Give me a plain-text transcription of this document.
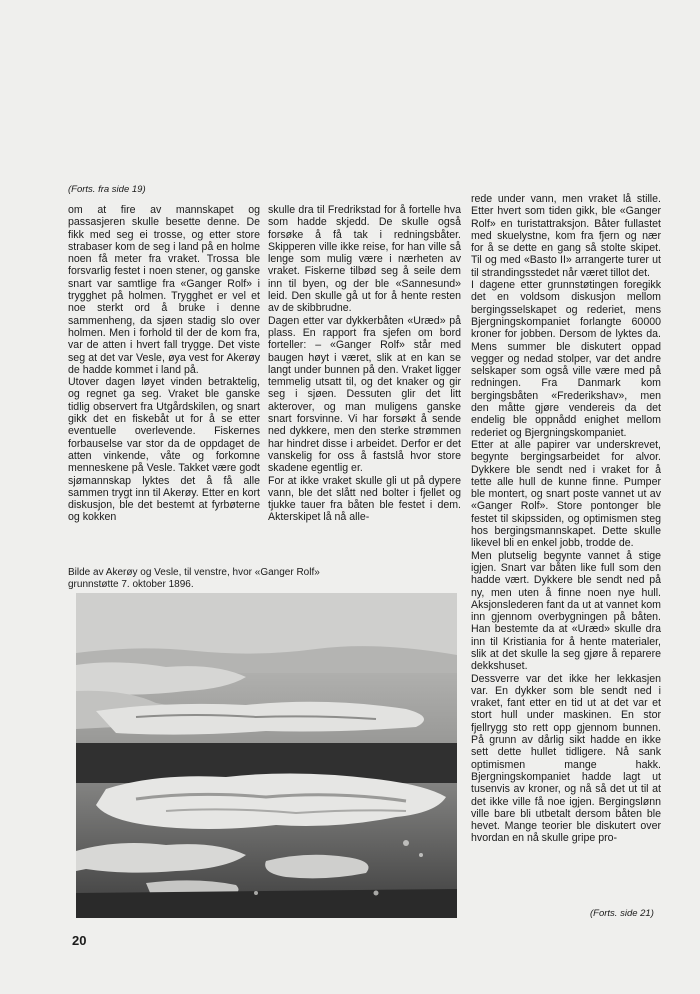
(Forts. fra side 19)

om at fire av mannskapet og passasjeren skulle besette denne. De fikk med seg ei trosse, og etter store strabaser kom de seg i land på en holme noen få meter fra vraket. Trossa ble forsvarlig festet i noen stener, og ganske snart var samtlige fra «Ganger Rolf» i trygghet på holmen. Trygghet er vel et noe sterkt ord å bruke i denne sammenheng, da sjøen stadig slo over holmen. Men i forhold til der de kom fra, var de atten i hvert fall trygge. Det viste seg at det var Vesle, øya vest for Akerøy de hadde kommet i land på.

Utover dagen løyet vinden betraktelig, og regnet ga seg. Vraket ble ganske tidlig observert fra Utgårdskilen, og snart gikk det en fiskebåt ut for å se etter eventuelle overlevende. Fiskernes forbauselse var stor da de oppdaget de atten vinkende, våte og forkomne menneskene på Vesle. Takket være godt sjømannskap lyktes det å få alle sammen trygt inn til Akerøy. Etter en kort diskusjon, ble det bestemt at fyrbøterne og kokken

skulle dra til Fredrikstad for å fortelle hva som hadde skjedd. De skulle også forsøke å få tak i redningsbåter. Skipperen ville ikke reise, for han ville så lenge som mulig være i nærheten av vraket. Fiskerne tilbød seg å seile dem inn til byen, og der ble «Sannesund» leid. Den skulle gå ut for å hente resten av de skibbrudne.

Dagen etter var dykkerbåten «Uræd» på plass. En rapport fra sjefen om bord forteller: – «Ganger Rolf» står med baugen høyt i været, slik at en kan se langt under bunnen på den. Vraket ligger temmelig utsatt til, og det knaker og gir seg i sjøen. Dessuten glir det litt akterover, og man muligens ganske snart forsvinne. Vi har forsøkt å sende ned dykkere, men den sterke strømmen har hindret disse i arbeidet. Derfor er det vanskelig for oss å fastslå hvor store skadene egentlig er.

For at ikke vraket skulle gli ut på dypere vann, ble det slått ned bolter i fjellet og tjukke tauer fra båten ble festet i dem. Akterskipet lå nå alle-

rede under vann, men vraket lå stille. Etter hvert som tiden gikk, ble «Ganger Rolf» en turistattraksjon. Båter fullastet med skuelystne, kom fra fjern og nær for å se dette en gang så stolte skipet. Til og med «Basto II» arrangerte turer ut til strandingsstedet når været tillot det.

I dagene etter grunnstøtingen foregikk det en voldsom diskusjon mellom bergingsselskapet og rederiet, mens Bjergningskompaniet forlangte 60000 kroner for jobben. Dersom de lyktes da. Mens summer ble diskutert oppad vegger og nedad stolper, var det andre selskaper som også ville være med på redningen. Fra Danmark kom bergingsbåten «Frederikshav», men den måtte gjøre vendereis da det endelig ble oppnådd enighet mellom rederiet og Bjergningskompaniet.

Etter at alle papirer var underskrevet, begynte bergingsarbeidet for alvor. Dykkere ble sendt ned i vraket for å tette alle hull de kunne finne. Pumper ble montert, og snart poste vannet ut av «Ganger Rolf». Store pontonger ble festet til skipssiden, og optimismen steg hos bergingsmannskapet. Dette skulle likevel bli en enkel jobb, trodde de.

Men plutselig begynte vannet å stige igjen. Snart var båten like full som den hadde vært. Dykkere ble sendt ned på ny, men uten å finne noen nye hull. Aksjonslederen fant da ut at vannet kom inn gjennom overbygningen på båten. Han bestemte da at «Uræd» skulle dra inn til Kristiania for å hente materialer, slik at det skulle la seg gjøre å reparere dekkshuset.

Dessverre var det ikke her lekkasjen var. En dykker som ble sendt ned i vraket, fant etter en tid ut at det var et stort hull under maskinen. En stor fjellrygg sto rett opp gjennom bunnen. På grunn av dårlig sikt hadde en ikke sett dette hullet tidligere. Nå sank optimismen mange hakk. Bjergningskompaniet hadde lagt ut tusenvis av kroner, og nå så det ut til at det ikke ville få noe igjen. Bergingslønn ville bare bli utbetalt dersom båten ble hevet. Mange teorier ble diskutert over hvordan en nå skulle gripe pro-

Bilde av Akerøy og Vesle, til venstre, hvor «Ganger Rolf»
grunnstøtte 7. oktober 1896.
(Forts. side 21)
20
